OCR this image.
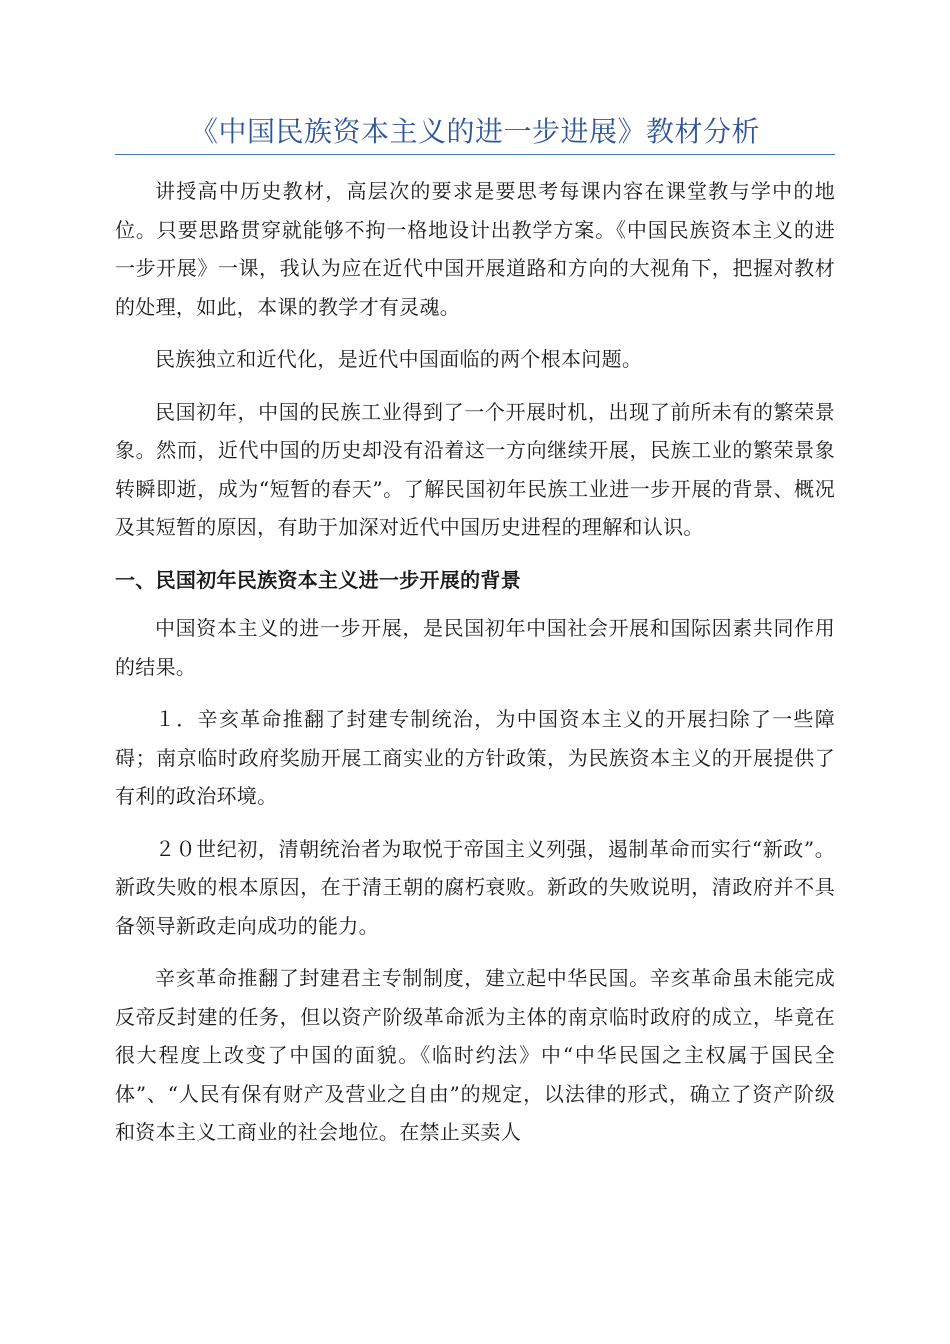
《中国民族资本主义的进一步进展》教材分析

讲授高中历史教材，高层次的要求是要思考每课内容在课堂教与学中的地位。只要思路贯穿就能够不拘一格地设计出教学方案。《中国民族资本主义的进一步开展》一课，我认为应在近代中国开展道路和方向的大视角下，把握对教材的处理，如此，本课的教学才有灵魂。

民族独立和近代化，是近代中国面临的两个根本问题。

民国初年，中国的民族工业得到了一个开展时机，出现了前所未有的繁荣景象。然而，近代中国的历史却没有沿着这一方向继续开展，民族工业的繁荣景象转瞬即逝，成为“短暂的春天”。了解民国初年民族工业进一步开展的背景、概况及其短暂的原因，有助于加深对近代中国历史进程的理解和认识。

一、民国初年民族资本主义进一步开展的背景

中国资本主义的进一步开展，是民国初年中国社会开展和国际因素共同作用的结果。

１．辛亥革命推翻了封建专制统治，为中国资本主义的开展扫除了一些障碍；南京临时政府奖励开展工商实业的方针政策，为民族资本主义的开展提供了有利的政治环境。

２０世纪初，清朝统治者为取悦于帝国主义列强，遏制革命而实行“新政”。新政失败的根本原因，在于清王朝的腐朽衰败。新政的失败说明，清政府并不具备领导新政走向成功的能力。

辛亥革命推翻了封建君主专制制度，建立起中华民国。辛亥革命虽未能完成反帝反封建的任务，但以资产阶级革命派为主体的南京临时政府的成立，毕竟在很大程度上改变了中国的面貌。《临时约法》中“中华民国之主权属于国民全体”、“人民有保有财产及营业之自由”的规定，以法律的形式，确立了资产阶级和资本主义工商业的社会地位。在禁止买卖人
